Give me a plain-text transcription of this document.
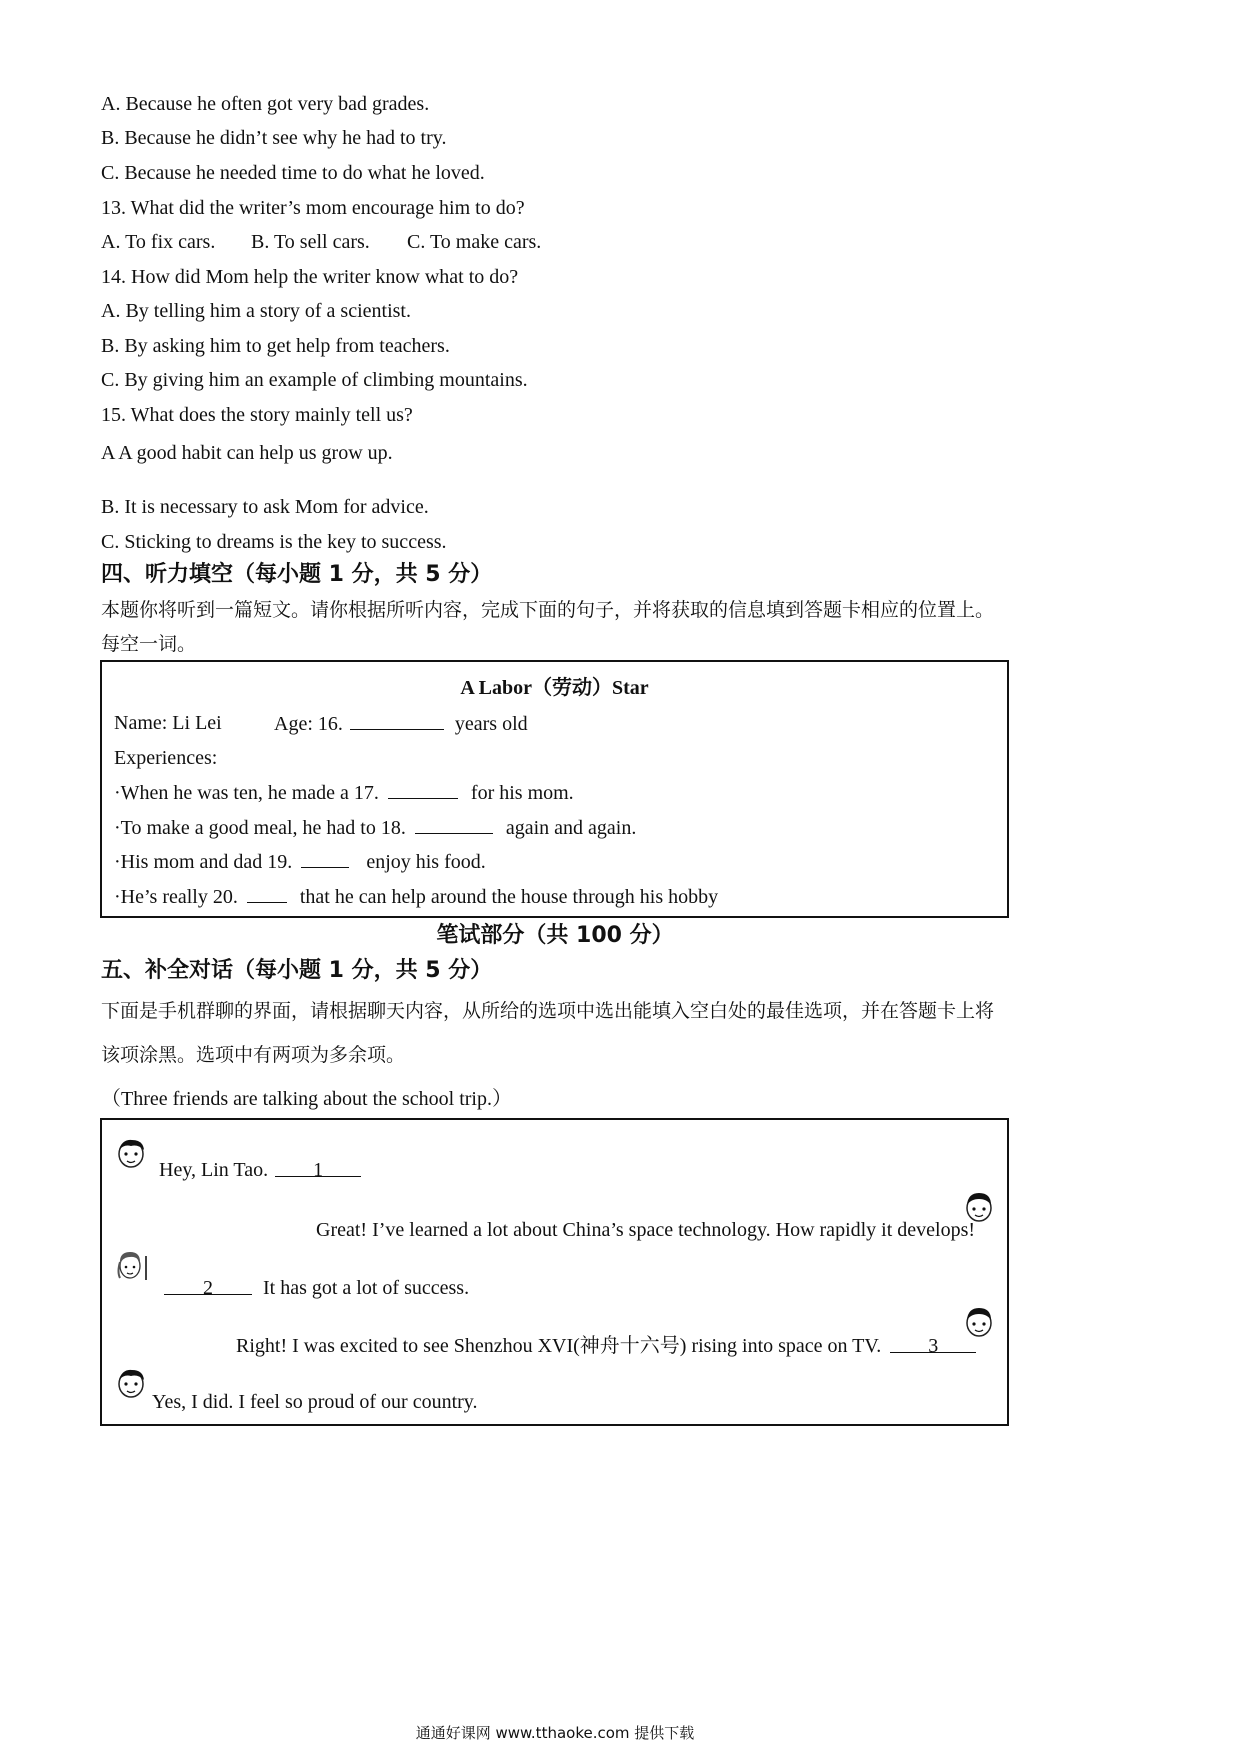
A. Because he often got very bad grades.
B. Because he didn’t see why he had to try.
C. Because he needed time to do what he loved.
13. What did the writer’s mom encourage him to do?
A. To fix cars. B. To sell cars. C. To make cars.
14. How did Mom help the writer know what to do?
A. By telling him a story of a scientist.
B. By asking him to get help from teachers.
C. By giving him an example of climbing mountains.
15. What does the story mainly tell us?
A A good habit can help us grow up.
B. It is necessary to ask Mom for advice.
C. Sticking to dreams is the key to success.
四、听力填空（每小题 1 分，共 5 分）
本题你将听到一篇短文。请你根据所听内容，完成下面的句子，并将获取的信息填到答题卡相应的位置上。
每空一词。
A Labor（劳动）Star
Name: Li Lei	Age: 16.	years old
Experiences:
·When he was ten, he made a 17.	for his mom.
·To make a good meal, he had to 18.	again and again.
·His mom and dad 19.	enjoy his food.
·He’s really 20.	that he can help around the house through his hobby
笔试部分（共 100 分）
五、补全对话（每小题 1 分，共 5 分）
下面是手机群聊的界面，请根据聊天内容，从所给的选项中选出能填入空白处的最佳选项，并在答题卡上将
该项涂黑。选项中有两项为多余项。
（Three friends are talking about the school trip.）
Hey, Lin Tao. 1
Great! I’ve learned a lot about China’s space technology. How rapidly it develops!
2	It has got a lot of success.
Right! I was excited to see Shenzhou XVI(神舟十六号) rising into space on TV. 3
Yes, I did. I feel so proud of our country.
通通好课网 www.tthaoke.com 提供下载
